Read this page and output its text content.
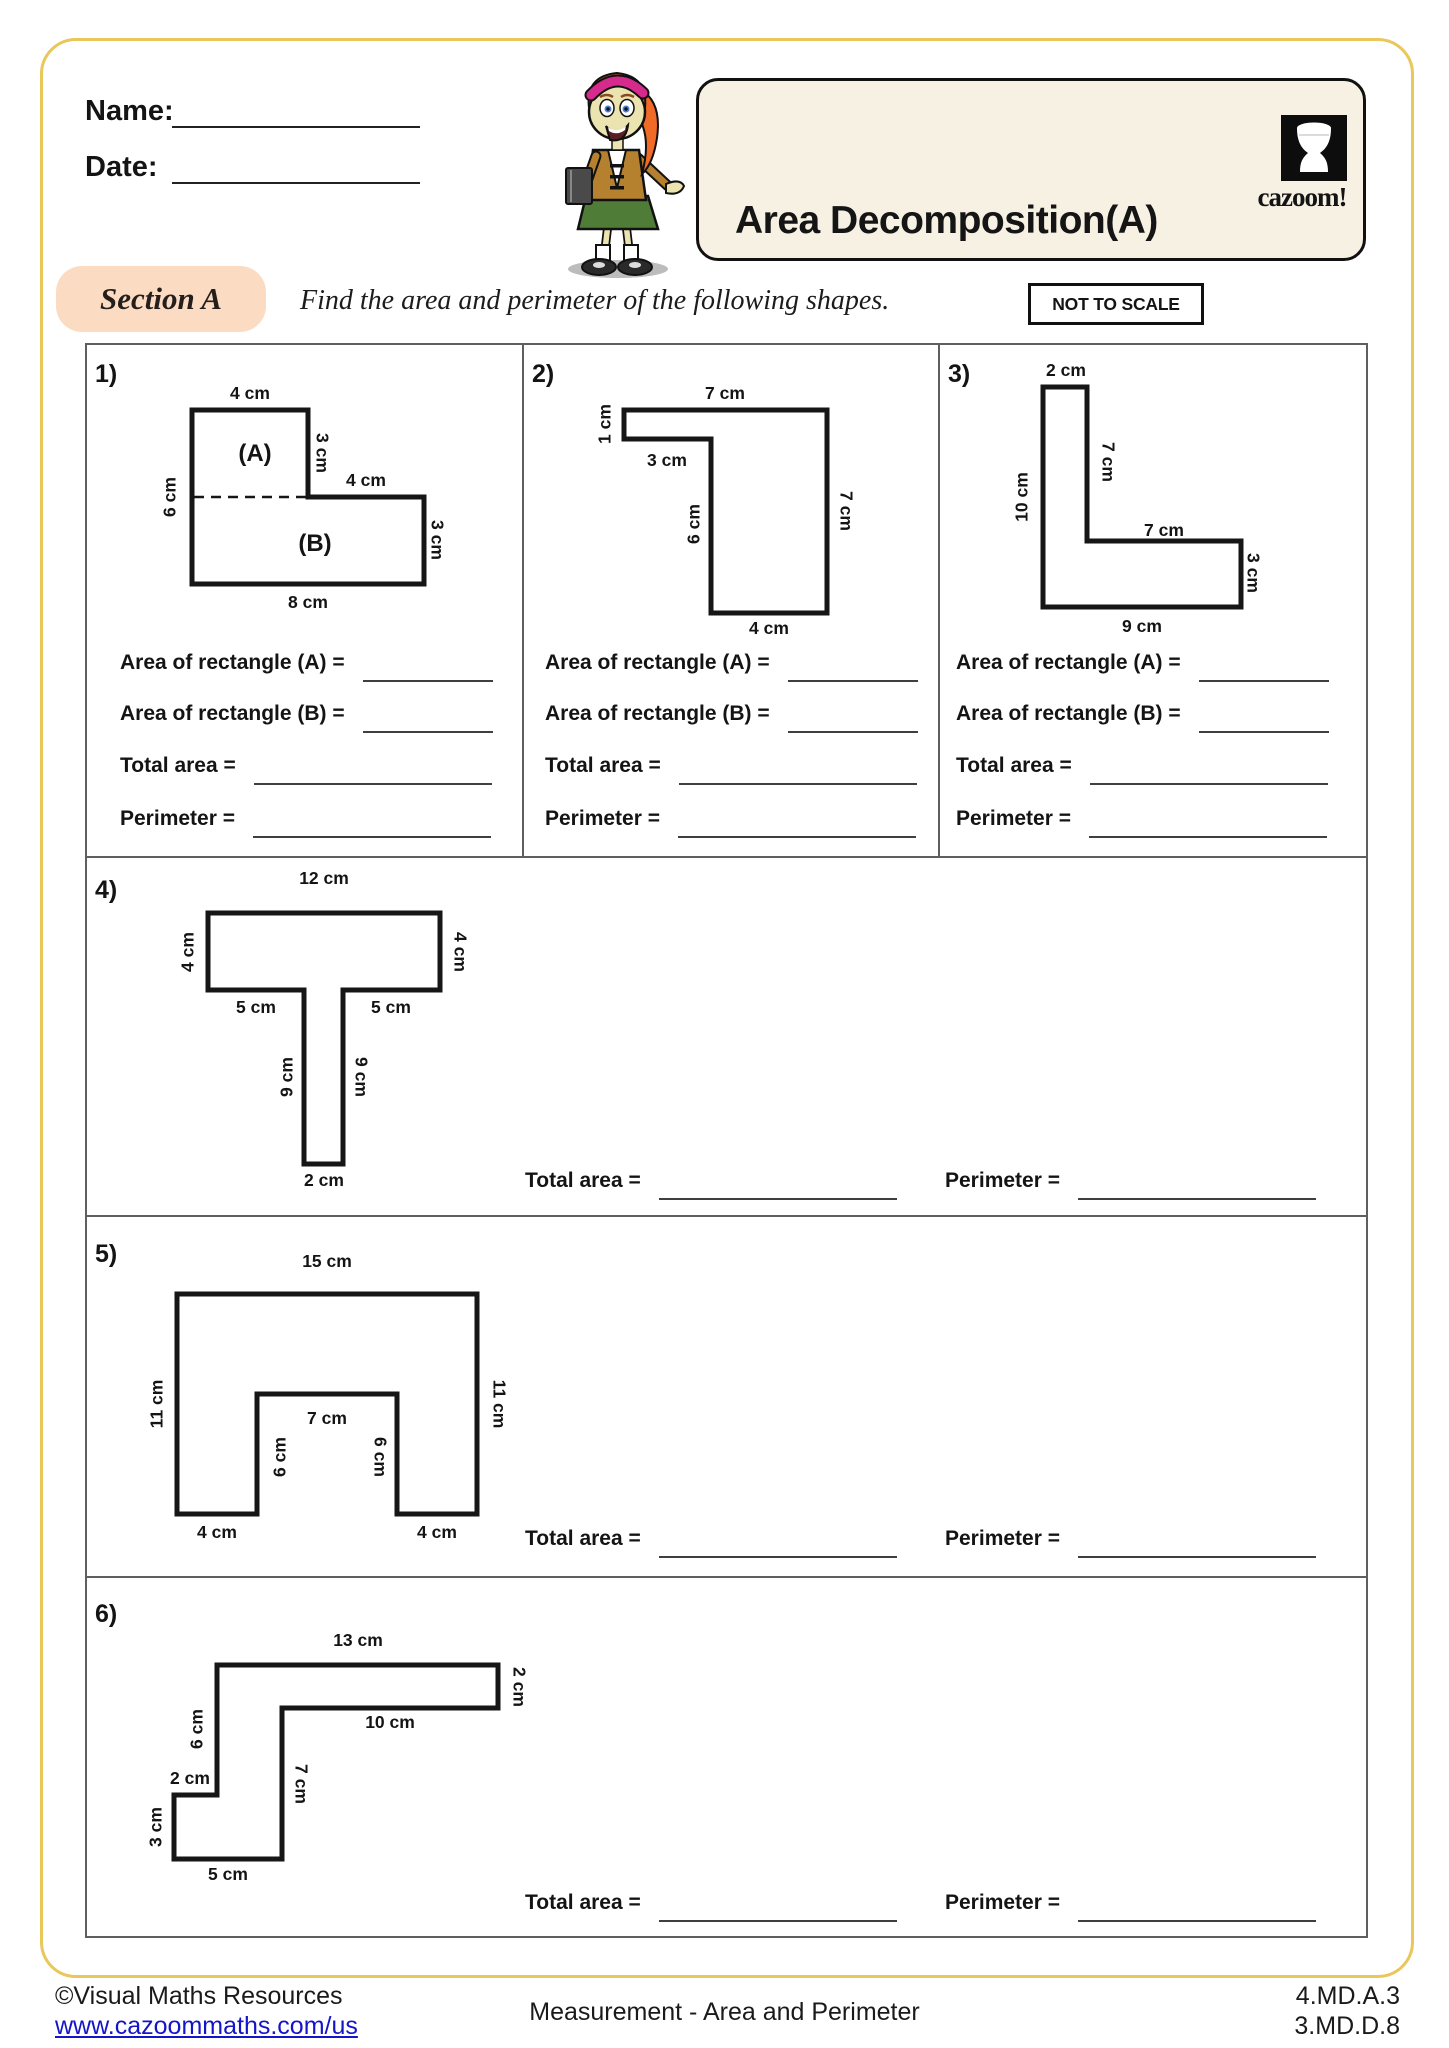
Name:
Date:
Area Decomposition(A)
cazoom!
Section A	Find the area and perimeter of the following shapes.	NOT TO SCALE
1)
4 cm
3 cm
4 cm
3 cm
6 cm
8 cm
(A)
(B)
Area of rectangle (A) =
Area of rectangle (B) =
Total area =
Perimeter =
2)
7 cm
1 cm
3 cm
6 cm	7 cm
4 cm
Area of rectangle (A) =
Area of rectangle (B) =
Total area =
Perimeter =
3)	2 cm
10 cm
7 cm
7 cm
3 cm
9 cm
Area of rectangle (A) =
Area of rectangle (B) =
Total area =
Perimeter =
4)	12 cm
4 cm	4 cm
5 cm	5 cm
9 cm	9 cm
2 cm	Total area =	Perimeter =
5)	15 cm
11 cm	11 cm
7 cm
6 cm	6 cm
4 cm	4 cm	Total area =	Perimeter =
6)
13 cm
2 cm
10 cm
7 cm
6 cm
2 cm
3 cm
5 cm
Total area =	Perimeter =
©Visual Maths Resources
www.cazoommaths.com/us	Measurement - Area and Perimeter
4.MD.A.3
3.MD.D.8
